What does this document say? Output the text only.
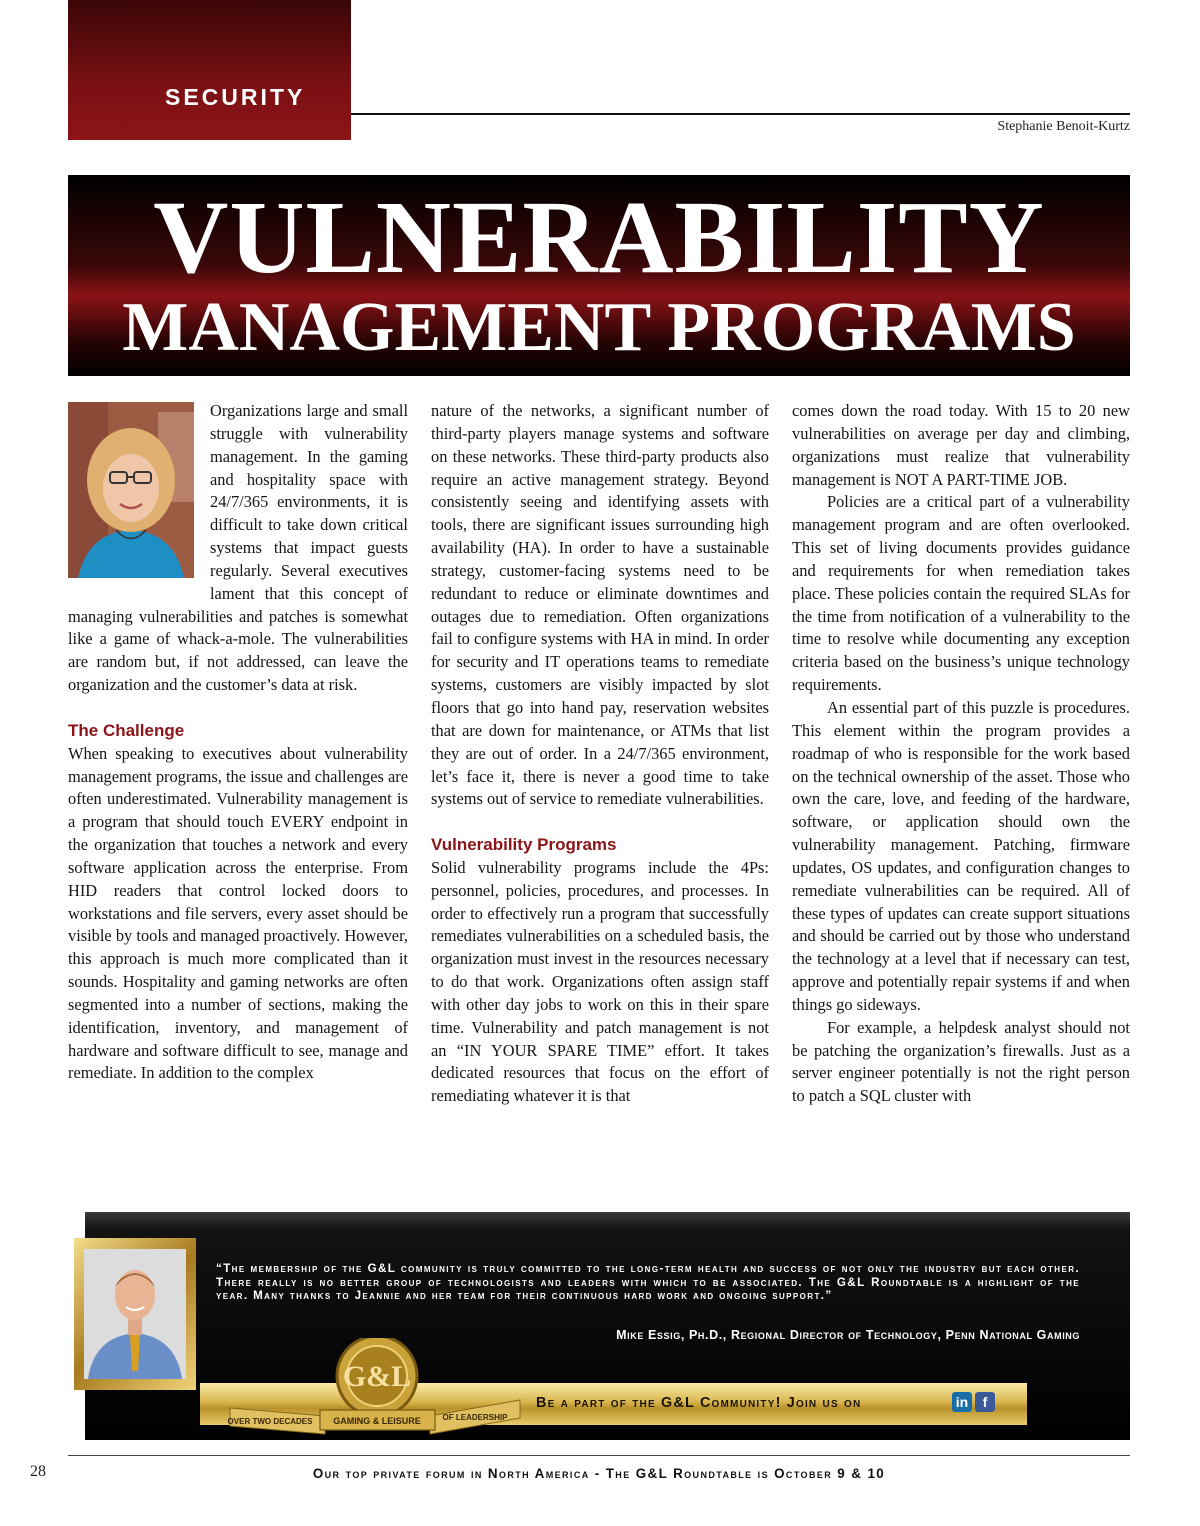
SECURITY
Stephanie Benoit-Kurtz
VULNERABILITY
MANAGEMENT PROGRAMS

Organizations large and small struggle with vulnerability management. In the gaming and hospitality space with 24/7/365 environments, it is difficult to take down critical systems that impact guests regularly. Several executives lament that this concept of managing vulnerabilities and patches is somewhat like a game of whack-a-mole. The vulnerabilities are random but, if not addressed, can leave the organization and the customer’s data at risk.

The Challenge

When speaking to executives about vulnerability management programs, the issue and challenges are often underestimated. Vulnerability management is a program that should touch EVERY endpoint in the organization that touches a network and every software application across the enterprise. From HID readers that control locked doors to workstations and file servers, every asset should be visible by tools and managed proactively. However, this approach is much more complicated than it sounds. Hospitality and gaming networks are often segmented into a number of sections, making the identification, inventory, and management of hardware and software difficult to see, manage and remediate. In addition to the complex

nature of the networks, a significant number of third-party players manage systems and software on these networks. These third-party products also require an active management strategy. Beyond consistently seeing and identifying assets with tools, there are significant issues surrounding high availability (HA). In order to have a sustainable strategy, customer-facing systems need to be redundant to reduce or eliminate downtimes and outages due to remediation. Often organizations fail to configure systems with HA in mind. In order for security and IT operations teams to remediate systems, customers are visibly impacted by slot floors that go into hand pay, reservation websites that are down for maintenance, or ATMs that list they are out of order. In a 24/7/365 environment, let’s face it, there is never a good time to take systems out of service to remediate vulnerabilities.

Vulnerability Programs

Solid vulnerability programs include the 4Ps: personnel, policies, procedures, and processes. In order to effectively run a program that successfully remediates vulnerabilities on a scheduled basis, the organization must invest in the resources necessary to do that work. Organizations often assign staff with other day jobs to work on this in their spare time. Vulnerability and patch management is not an “IN YOUR SPARE TIME” effort. It takes dedicated resources that focus on the effort of remediating whatever it is that

comes down the road today. With 15 to 20 new vulnerabilities on average per day and climbing, organizations must realize that vulnerability management is NOT A PART-TIME JOB.

Policies are a critical part of a vulnerability management program and are often overlooked. This set of living documents provides guidance and requirements for when remediation takes place. These policies contain the required SLAs for the time from notification of a vulnerability to the time to resolve while documenting any exception criteria based on the business’s unique technology requirements.

An essential part of this puzzle is procedures. This element within the program provides a roadmap of who is responsible for the work based on the technical ownership of the asset. Those who own the care, love, and feeding of the hardware, software, or application should own the vulnerability management. Patching, firmware updates, OS updates, and configuration changes to remediate vulnerabilities can be required. All of these types of updates can create support situations and should be carried out by those who understand the technology at a level that if necessary can test, approve and potentially repair systems if and when things go sideways.

For example, a helpdesk analyst should not be patching the organization’s firewalls. Just as a server engineer potentially is not the right person to patch a SQL cluster with

“The membership of the G&L community is truly committed to the long-term health and success of not only the industry but each other. There really is no better group of technologists and leaders with which to be associated. The G&L Roundtable is a highlight of the year. Many thanks to Jeannie and her team for their continuous hard work and ongoing support.”
Mike Essig, Ph.D., Regional Director of Technology, Penn National Gaming
G&L
OVER TWO DECADES GAMING & LEISURE	OF LEADERSHIP
Be a part of the G&L Community! Join us on	in	f
28	Our top private forum in North America - The G&L Roundtable is October 9 & 10
